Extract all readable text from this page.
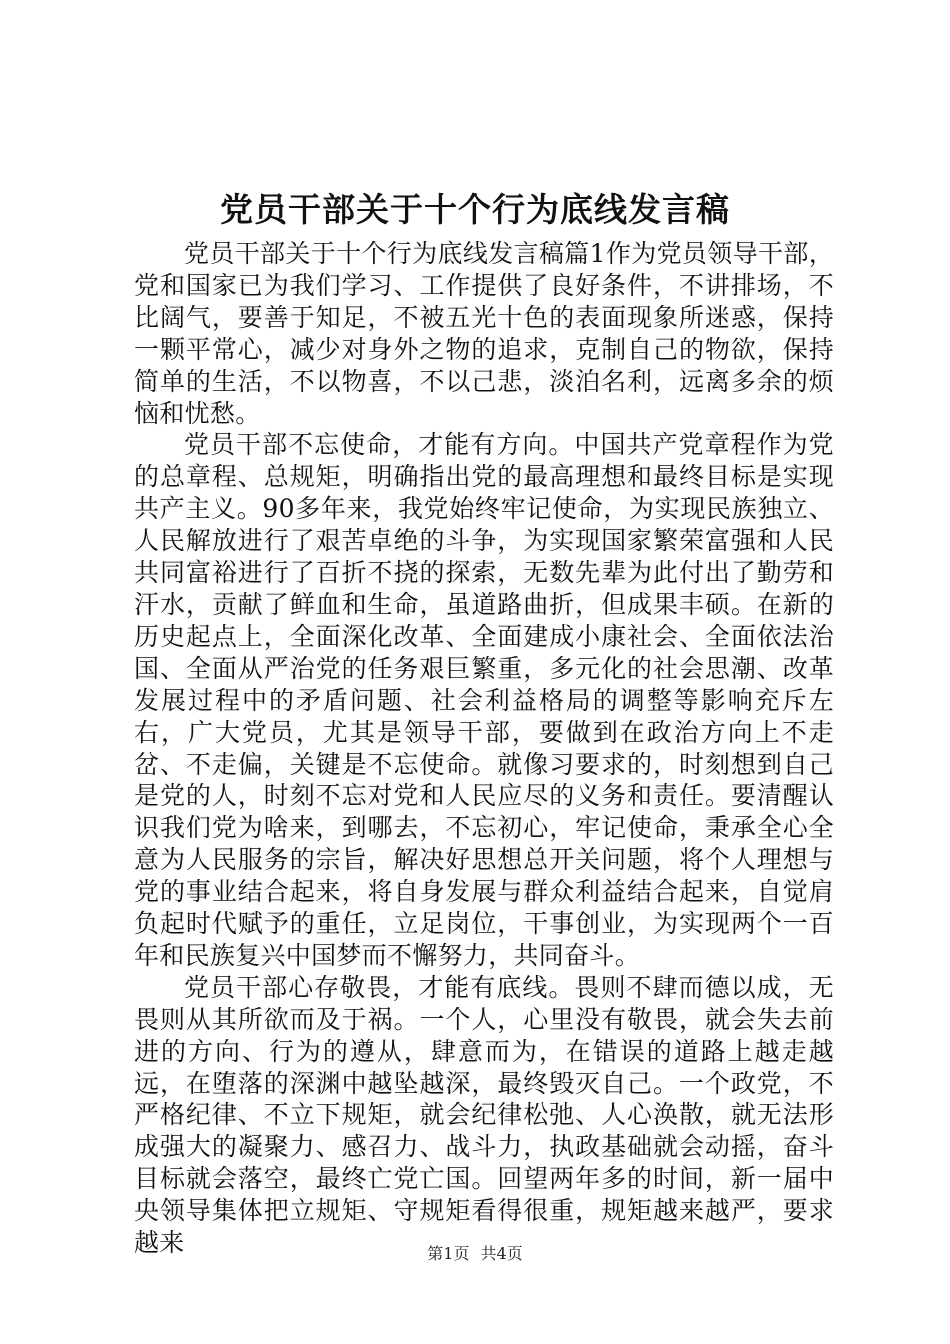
党员干部关于十个行为底线发言稿

党员干部关于十个行为底线发言稿篇1作为党员领导干部，党和国家已为我们学习、工作提供了良好条件，不讲排场，不比阔气，要善于知足，不被五光十色的表面现象所迷惑，保持一颗平常心，减少对身外之物的追求，克制自己的物欲，保持简单的生活，不以物喜，不以己悲，淡泊名利，远离多余的烦恼和忧愁。

党员干部不忘使命，才能有方向。中国共产党章程作为党的总章程、总规矩，明确指出党的最高理想和最终目标是实现共产主义。90多年来，我党始终牢记使命，为实现民族独立、人民解放进行了艰苦卓绝的斗争，为实现国家繁荣富强和人民共同富裕进行了百折不挠的探索，无数先辈为此付出了勤劳和汗水，贡献了鲜血和生命，虽道路曲折，但成果丰硕。在新的历史起点上，全面深化改革、全面建成小康社会、全面依法治国、全面从严治党的任务艰巨繁重，多元化的社会思潮、改革发展过程中的矛盾问题、社会利益格局的调整等影响充斥左右，广大党员，尤其是领导干部，要做到在政治方向上不走岔、不走偏，关键是不忘使命。就像习要求的，时刻想到自己是党的人，时刻不忘对党和人民应尽的义务和责任。要清醒认识我们党为啥来，到哪去，不忘初心，牢记使命，秉承全心全意为人民服务的宗旨，解决好思想总开关问题，将个人理想与党的事业结合起来，将自身发展与群众利益结合起来，自觉肩负起时代赋予的重任，立足岗位，干事创业，为实现两个一百年和民族复兴中国梦而不懈努力，共同奋斗。

党员干部心存敬畏，才能有底线。畏则不肆而德以成，无畏则从其所欲而及于祸。一个人，心里没有敬畏，就会失去前进的方向、行为的遵从，肆意而为，在错误的道路上越走越远，在堕落的深渊中越坠越深，最终毁灭自己。一个政党，不严格纪律、不立下规矩，就会纪律松弛、人心涣散，就无法形成强大的凝聚力、感召力、战斗力，执政基础就会动摇，奋斗目标就会落空，最终亡党亡国。回望两年多的时间，新一届中央领导集体把立规矩、守规矩看得很重，规矩越来越严，要求越来	第1页 共4页
